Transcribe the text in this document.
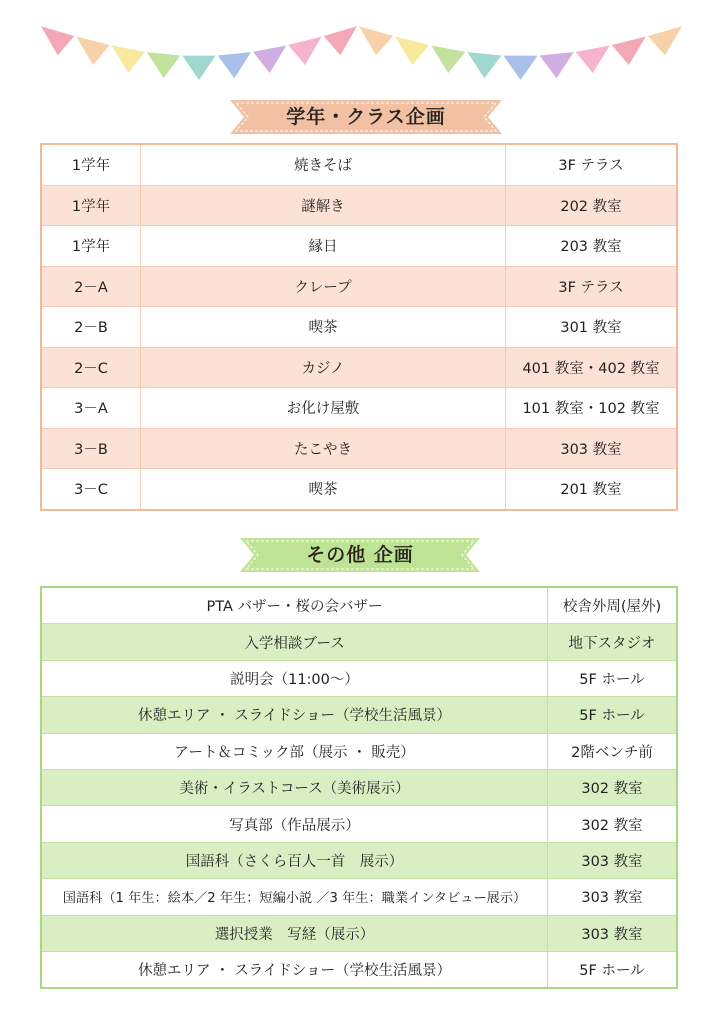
学年・クラス企画
1学年	焼きそば	3F テラス
1学年	謎解き	202 教室
1学年	縁日	203 教室
2－A	クレープ	3F テラス
2－B	喫茶	301 教室
2－C	カジノ	401 教室・402 教室
3－A	お化け屋敷	101 教室・102 教室
3－B	たこやき	303 教室
3－C	喫茶	201 教室
その他 企画
PTA バザー・桜の会バザー	校舎外周(屋外)
入学相談ブース	地下スタジオ
説明会（11:00～）	5F ホール
休憩エリア ・ スライドショー（学校生活風景）	5F ホール
アート＆コミック部（展示 ・ 販売）	2階ベンチ前
美術・イラストコース（美術展示）	302 教室
写真部（作品展示）	302 教室
国語科（さくら百人一首　展示）	303 教室
国語科（1 年生：絵本／2 年生：短編小説 ／3 年生：職業インタビュー展示）	303 教室
選択授業　写経（展示）	303 教室
休憩エリア ・ スライドショー（学校生活風景）	5F ホール
